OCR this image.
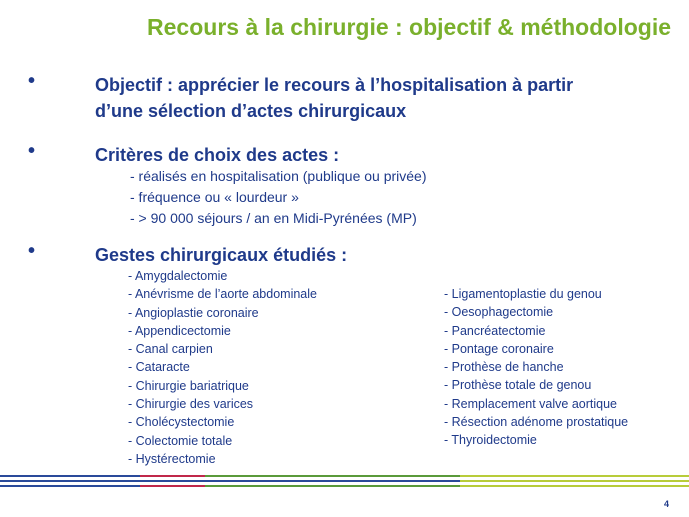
Recours à la chirurgie : objectif & méthodologie
•	Objectif : apprécier le recours à l’hospitalisation à partir
d’une sélection d’actes chirurgicaux
•	Critères de choix des actes :
- réalisés en hospitalisation (publique ou privée)
- fréquence ou « lourdeur »
- > 90 000 séjours / an en Midi-Pyrénées (MP)
•	Gestes chirurgicaux étudiés :
- Amygdalectomie
- Anévrisme de l’aorte abdominale
- Angioplastie coronaire
- Appendicectomie
- Canal carpien
- Cataracte
- Chirurgie bariatrique
- Chirurgie des varices
- Cholécystectomie
- Colectomie totale
- Hystérectomie
- Ligamentoplastie du genou
- Oesophagectomie
- Pancréatectomie
- Pontage coronaire
- Prothèse de hanche
- Prothèse totale de genou
- Remplacement valve aortique
- Résection adénome prostatique
- Thyroidectomie
4
